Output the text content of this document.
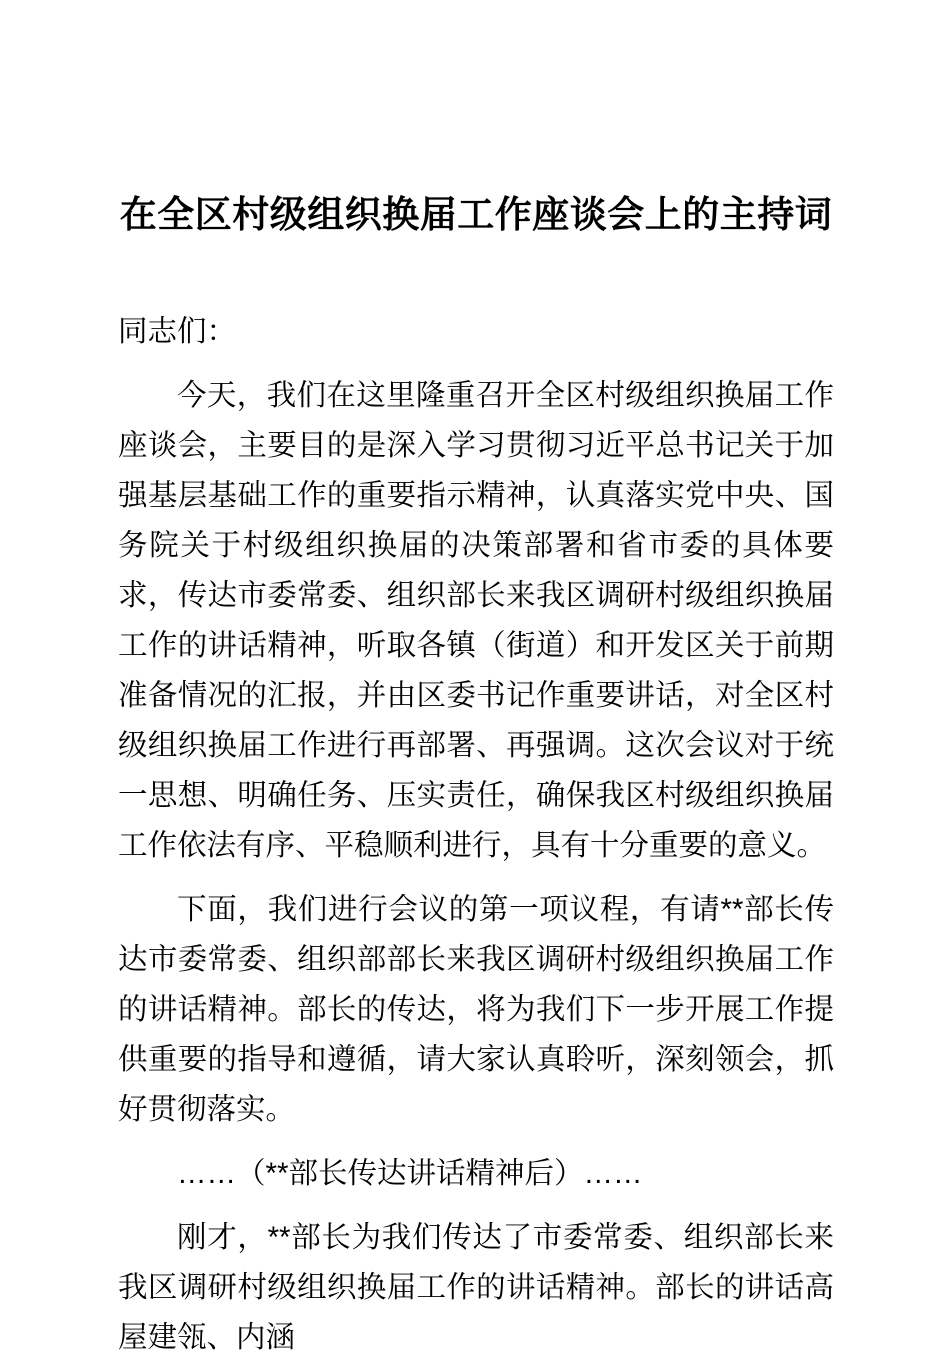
在全区村级组织换届工作座谈会上的主持词

同志们：

今天，我们在这里隆重召开全区村级组织换届工作座谈会，主要目的是深入学习贯彻习近平总书记关于加强基层基础工作的重要指示精神，认真落实党中央、国务院关于村级组织换届的决策部署和省市委的具体要求，传达市委常委、组织部长来我区调研村级组织换届工作的讲话精神，听取各镇（街道）和开发区关于前期准备情况的汇报，并由区委书记作重要讲话，对全区村级组织换届工作进行再部署、再强调。这次会议对于统一思想、明确任务、压实责任，确保我区村级组织换届工作依法有序、平稳顺利进行，具有十分重要的意义。

下面，我们进行会议的第一项议程，有请**部长传达市委常委、组织部部长来我区调研村级组织换届工作的讲话精神。部长的传达，将为我们下一步开展工作提供重要的指导和遵循，请大家认真聆听，深刻领会，抓好贯彻落实。

……（**部长传达讲话精神后）……

刚才，**部长为我们传达了市委常委、组织部长来我区调研村级组织换届工作的讲话精神。部长的讲话高屋建瓴、内涵
